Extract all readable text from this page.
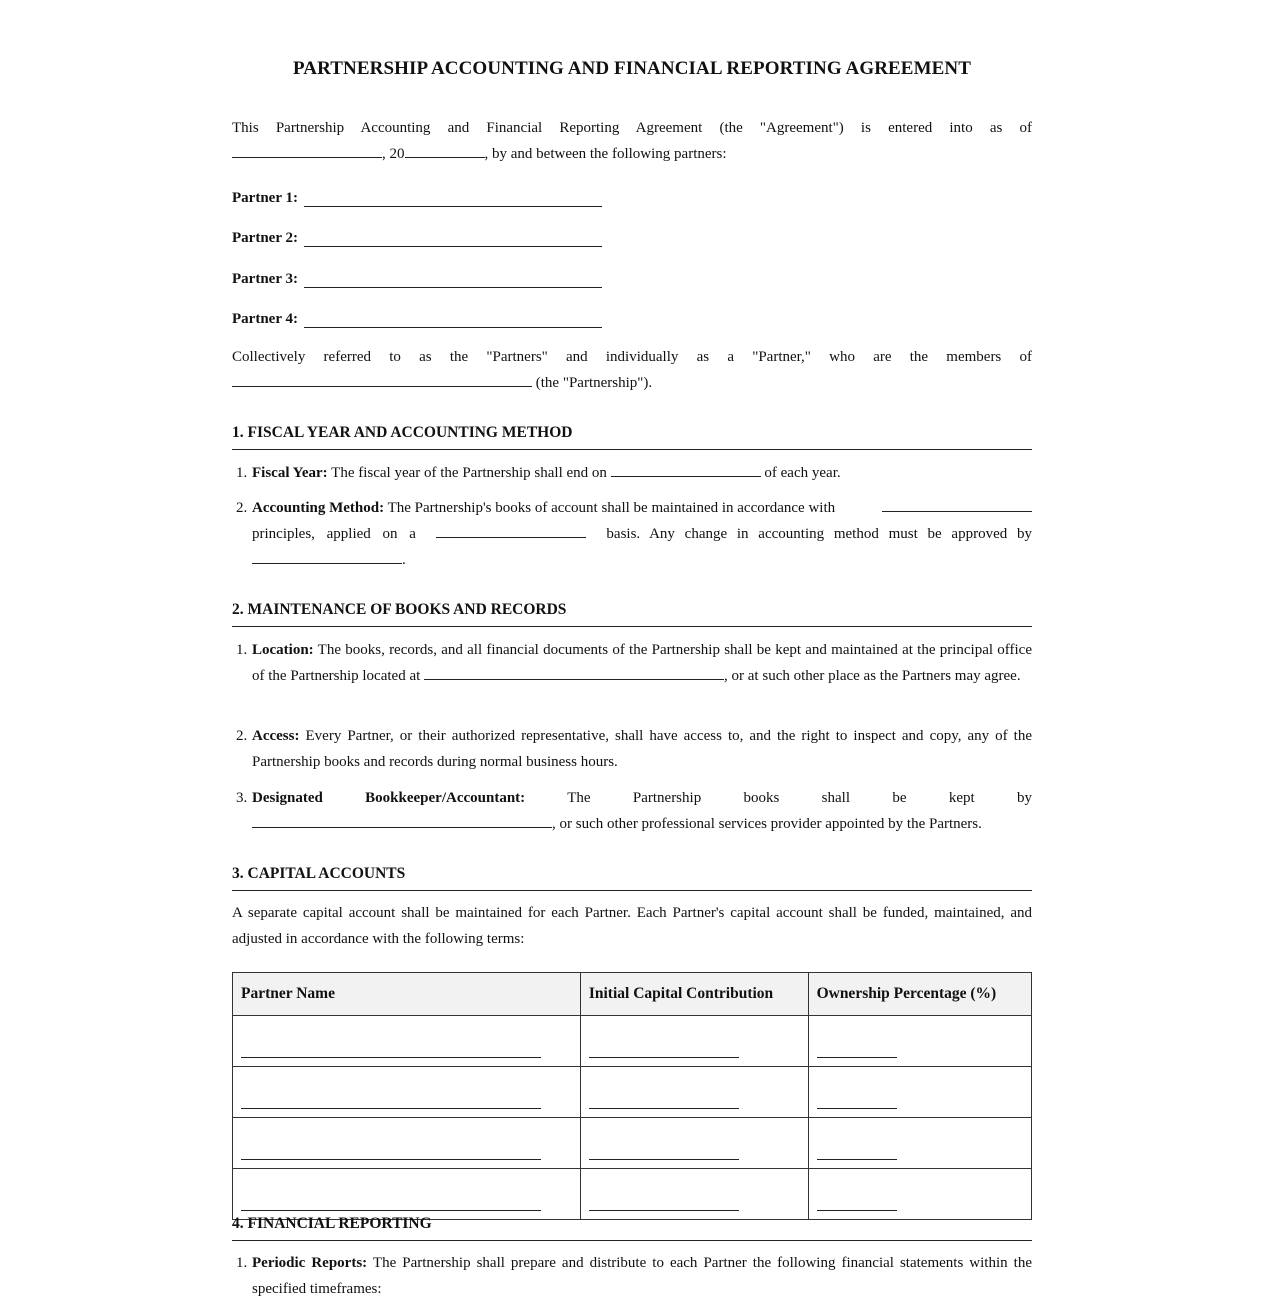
PARTNERSHIP ACCOUNTING AND FINANCIAL REPORTING AGREEMENT
This Partnership Accounting and Financial Reporting Agreement (the "Agreement") is entered into as of
, 20	, by and between the following partners:
Partner 1:
Partner 2:
Partner 3:
Partner 4:
Collectively referred to as the "Partners" and individually as a "Partner," who are the members of
(the "Partnership").
1. FISCAL YEAR AND ACCOUNTING METHOD
1. Fiscal Year: The fiscal year of the Partnership shall end on	of each year.
2. Accounting Method: The Partnership's books of account shall be maintained in accordance with
principles, applied on a	basis. Any change in accounting method must be approved by
.
2. MAINTENANCE OF BOOKS AND RECORDS
1. Location: The books, records, and all financial documents of the Partnership shall be kept and maintained at the principal office of the Partnership located at	, or at such other place as the Partners may agree.
2. Access: Every Partner, or their authorized representative, shall have access to, and the right to inspect and copy, any of the Partnership books and records during normal business hours.
3. Designated Bookkeeper/Accountant:	The Partnership books shall be kept by
, or such other professional services provider appointed by the Partners.
3. CAPITAL ACCOUNTS
A separate capital account shall be maintained for each Partner. Each Partner's capital account shall be funded, maintained, and adjusted in accordance with the following terms:
Partner Name	Initial Capital Contribution	Ownership Percentage (%)

4. FINANCIAL REPORTING
1. Periodic Reports: The Partnership shall prepare and distribute to each Partner the following financial statements within the specified timeframes:
